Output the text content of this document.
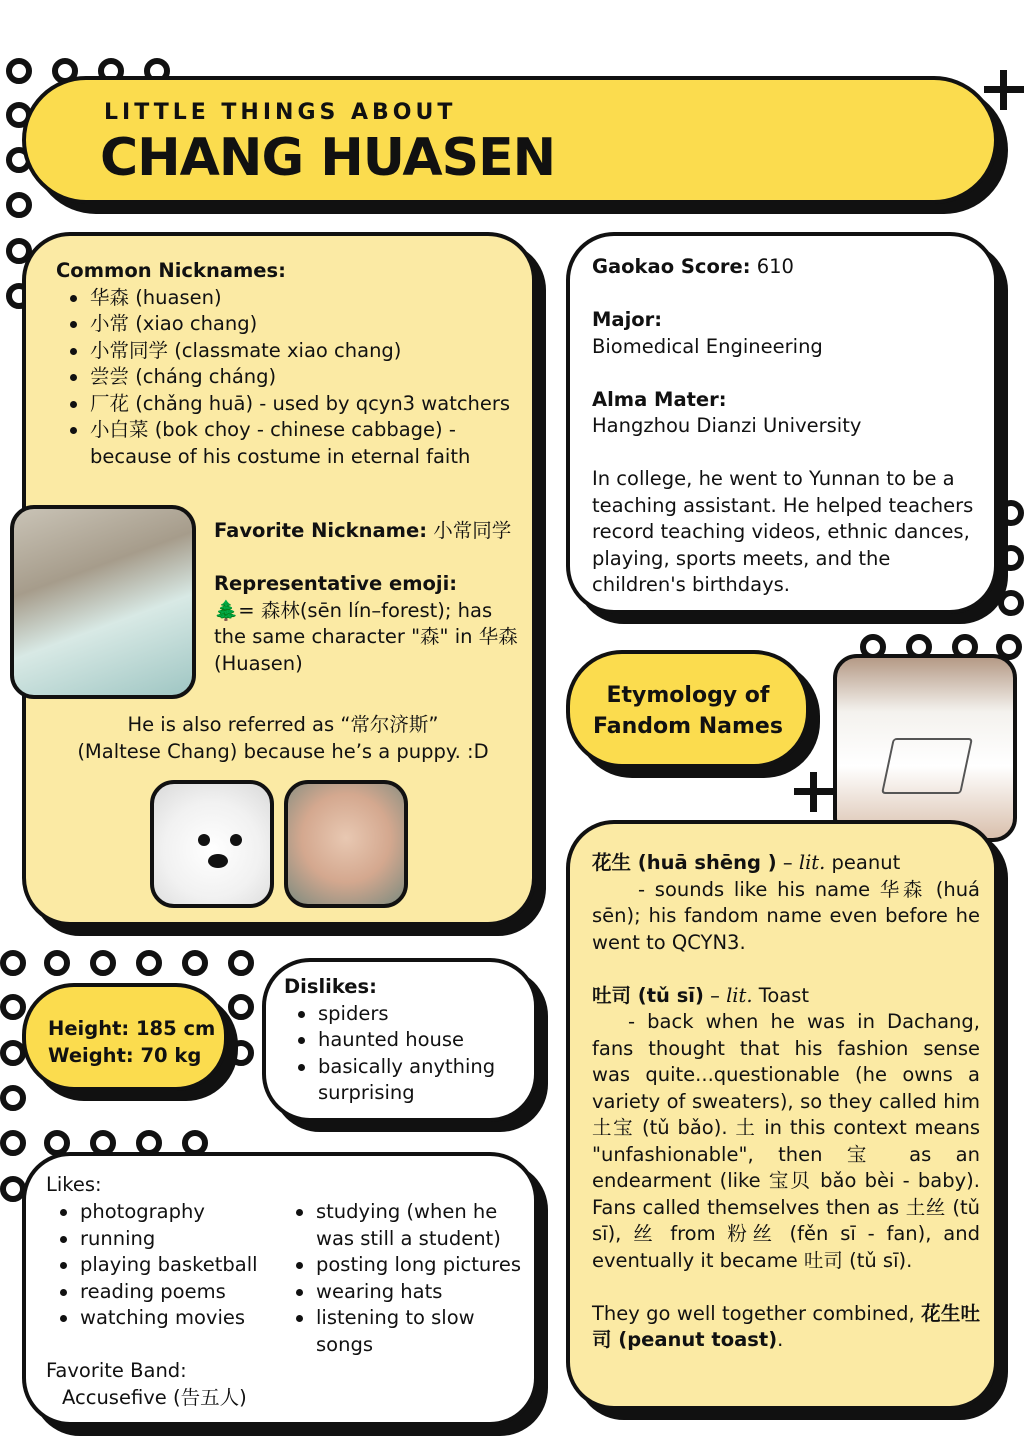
LITTLE THINGS ABOUT
CHANG HUASEN
Common Nicknames:
华森 (huasen)
小常 (xiao chang)
小常同学 (classmate xiao chang)
尝尝 (cháng cháng)
厂花 (chǎng huā) - used by qcyn3 watchers
小白菜 (bok choy - chinese cabbage) - because of his costume in eternal faith
Favorite Nickname: 小常同学
Representative emoji:
🌲= 森林(sēn lín–forest); has the same character "森" in 华森 (Huasen)
He is also referred as “常尔济斯”
(Maltese Chang) because he’s a puppy. :D

Gaokao Score: 610

Major:
Biomedical Engineering

Alma Mater:
Hangzhou Dianzi University

In college, he went to Yunnan to be a teaching assistant. He helped teachers record teaching videos, ethnic dances, playing, sports meets, and the children's birthdays.

Etymology of
Fandom Names
花生 (huā shēng ) – lit. peanut

- sounds like his name 华森 (huá sēn); his fandom name even before he went to QCYN3.

吐司 (tǔ sī) – lit. Toast

- back when he was in Dachang, fans thought that his fashion sense was quite...questionable (he owns a variety of sweaters), so they called him 土宝 (tǔ bǎo). 土 in this context means "unfashionable", then 宝 as an endearment (like 宝贝 bǎo bèi - baby). Fans called themselves then as 土丝 (tǔ sī), 丝 from 粉丝 (fěn sī - fan), and eventually it became 吐司 (tǔ sī).

They go well together combined, 花生吐司 (peanut toast).

Height: 185 cm
Weight: 70 kg
Dislikes:
spiders
haunted house
basically anything surprising
Likes:
photography
running
playing basketball
reading poems
watching movies
studying (when he was still a student)
posting long pictures
wearing hats
listening to slow songs
Favorite Band:
Accusefive (告五人)
